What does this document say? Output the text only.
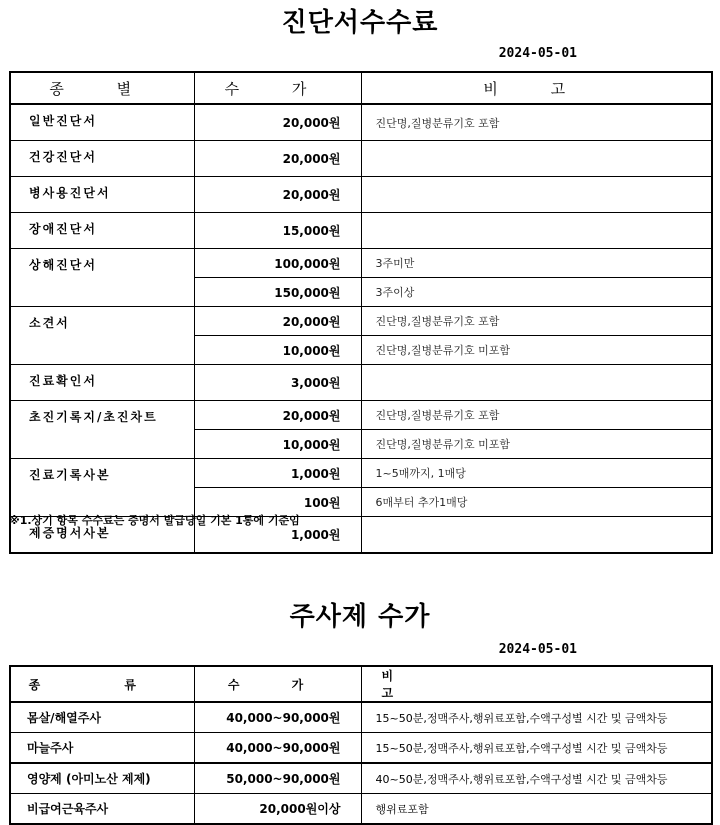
진단서수수료
2024-05-01
종 별	수 가	비 고
일반진단서	20,000원	진단명,질병분류기호 포함
건강진단서	20,000원	
병사용진단서	20,000원	
장애진단서	15,000원	
상해진단서	100,000원	3주미만
	150,000원	3주이상
소견서	20,000원	진단명,질병분류기호 포함
	10,000원	진단명,질병분류기호 미포함
진료확인서	3,000원	
초진기록지/초진차트	20,000원	진단명,질병분류기호 포함
	10,000원	진단명,질병분류기호 미포함
진료기록사본	1,000원	1~5매까지, 1매당
	100원	6매부터 추가1매당
제증명서사본	1,000원	
※1.상기 항목 수수료는 증명서 발급당일 기본 1통에 기준임
주사제 수가
2024-05-01
종 류	수 가	비 고
몸살/해열주사	40,000~90,000원	15~50분,정맥주사,행위료포함,수액구성별 시간 및 금액차등
마늘주사	40,000~90,000원	15~50분,정맥주사,행위료포함,수액구성별 시간 및 금액차등
영양제 (아미노산 제제)	50,000~90,000원	40~50분,정맥주사,행위료포함,수액구성별 시간 및 금액차등
비급여근육주사	20,000원이상	행위료포함
